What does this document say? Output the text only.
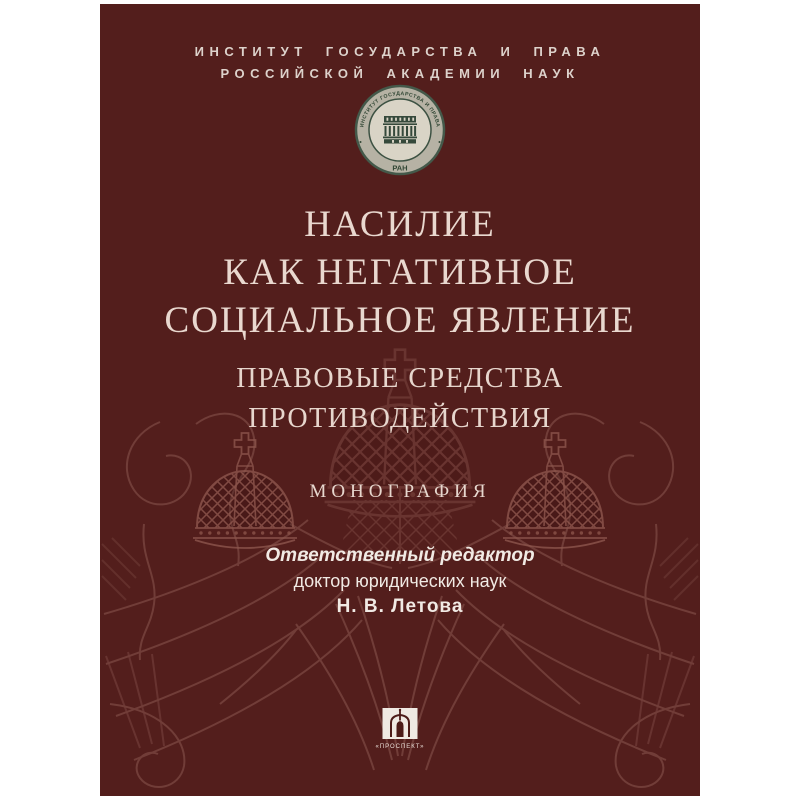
ИНСТИТУТ ГОСУДАРСТВА И ПРАВА
РОССИЙСКОЙ АКАДЕМИИ НАУК
ИНСТИТУТ ГОСУДАРСТВА И ПРАВА
РАН
НАСИЛИЕ
КАК НЕГАТИВНОЕ
СОЦИАЛЬНОЕ ЯВЛЕНИЕ
ПРАВОВЫЕ СРЕДСТВА
ПРОТИВОДЕЙСТВИЯ
МОНОГРАФИЯ
Ответственный редактор
доктор юридических наук
Н. В. Летова
«ПРОСПЕКТ»
